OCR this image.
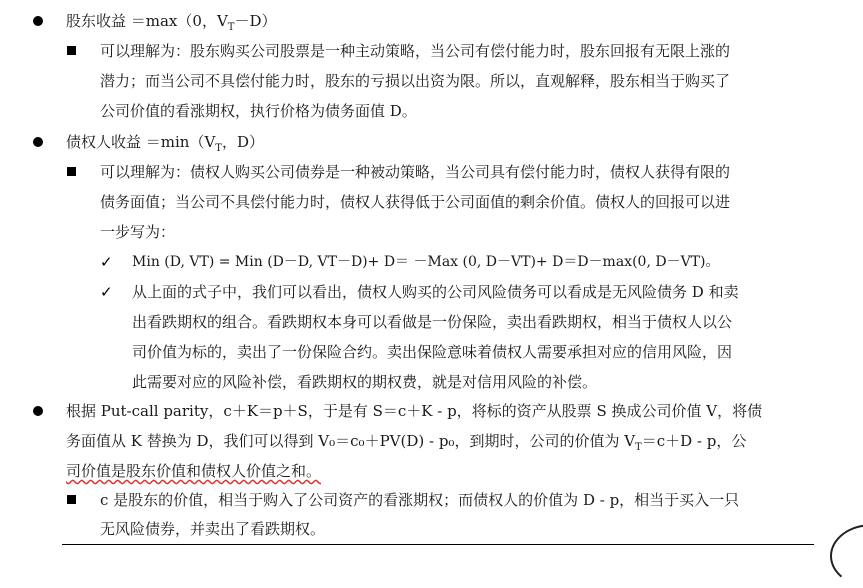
股东收益 ＝max（0，$V_T-D$）
可以理解为：股东购买公司股票是一种主动策略，当公司有偿付能力时，股东回报有无限上涨的
潜力；而当公司不具偿付能力时，股东的亏损以出资为限。所以，直观解释，股东相当于购买了
公司价值的看涨期权，执行价格为债务面值 D。
债权人收益 $=\min(V_T$，D）
可以理解为：债权人购买公司债券是一种被动策略，当公司具有偿付能力时，债权人获得有限的
债务面值；当公司不具偿付能力时，债权人获得低于公司面值的剩余价值。债权人的回报可以进
一步写为：
✓ Min (D, VT) = Min (D－D, VT－D)+ D＝ －Max (0, D－VT)+ D＝D－max(0, D－VT)。
✓ 从上面的式子中，我们可以看出，债权人购买的公司风险债务可以看成是无风险债务 D 和卖
出看跌期权的组合。看跌期权本身可以看做是一份保险，卖出看跌期权，相当于债权人以公
司价值为标的，卖出了一份保险合约。卖出保险意味着债权人需要承担对应的信用风险，因
此需要对应的风险补偿，看跌期权的期权费，就是对信用风险的补偿。
根据 Put-call parity，c＋K＝p＋S，于是有 S＝c＋K - p，将标的资产从股票 S 换成公司价值 V，将债
务面值从 K 替换为 D，我们可以得到 V₀＝c₀＋PV(D) - p₀，到期时，公司的价值为 $V_T=c+D - p$，公
司价值是股东价值和债权人价值之和。
c 是股东的价值，相当于购入了公司资产的看涨期权；而债权人的价值为 D - p，相当于买入一只
无风险债券，并卖出了看跌期权。
